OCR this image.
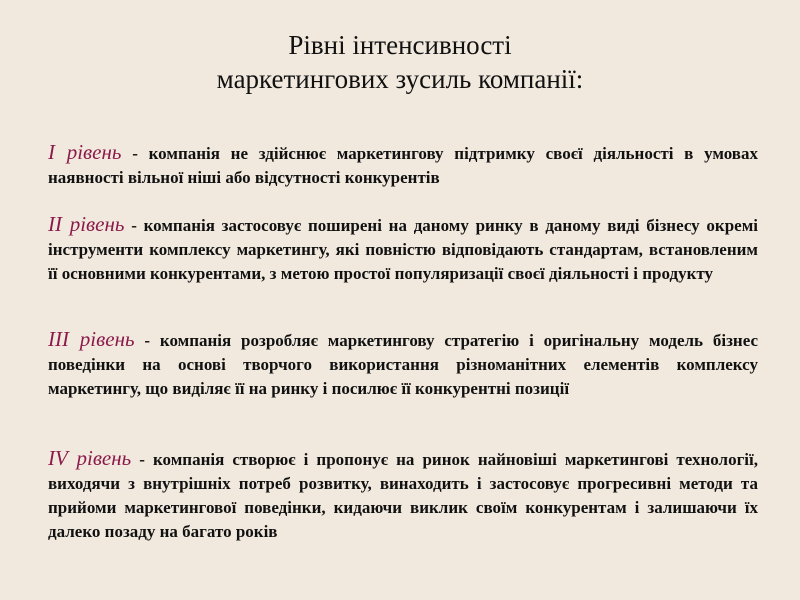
Рівні інтенсивності
маркетингових зусиль компанії:
І рівень - компанія не здійснює маркетингову підтримку своєї діяльності в умовах наявності вільної ніші або відсутності конкурентів
ІІ рівень - компанія застосовує поширені на даному ринку в даному виді бізнесу окремі інструменти комплексу маркетингу, які повністю відповідають стандартам, встановленим її основними конкурентами, з метою простої популяризації своєї діяльності і продукту
ІІІ рівень - компанія розробляє маркетингову стратегію і оригінальну модель бізнес поведінки на основі творчого використання різноманітних елементів комплексу маркетингу, що виділяє її на ринку і посилює її конкурентні позиції
ІV рівень - компанія створює і пропонує на ринок найновіші маркетингові технології, виходячи з внутрішніх потреб розвитку, винаходить і застосовує прогресивні методи та прийоми маркетингової поведінки, кидаючи виклик своїм конкурентам і залишаючи їх далеко позаду на багато років
